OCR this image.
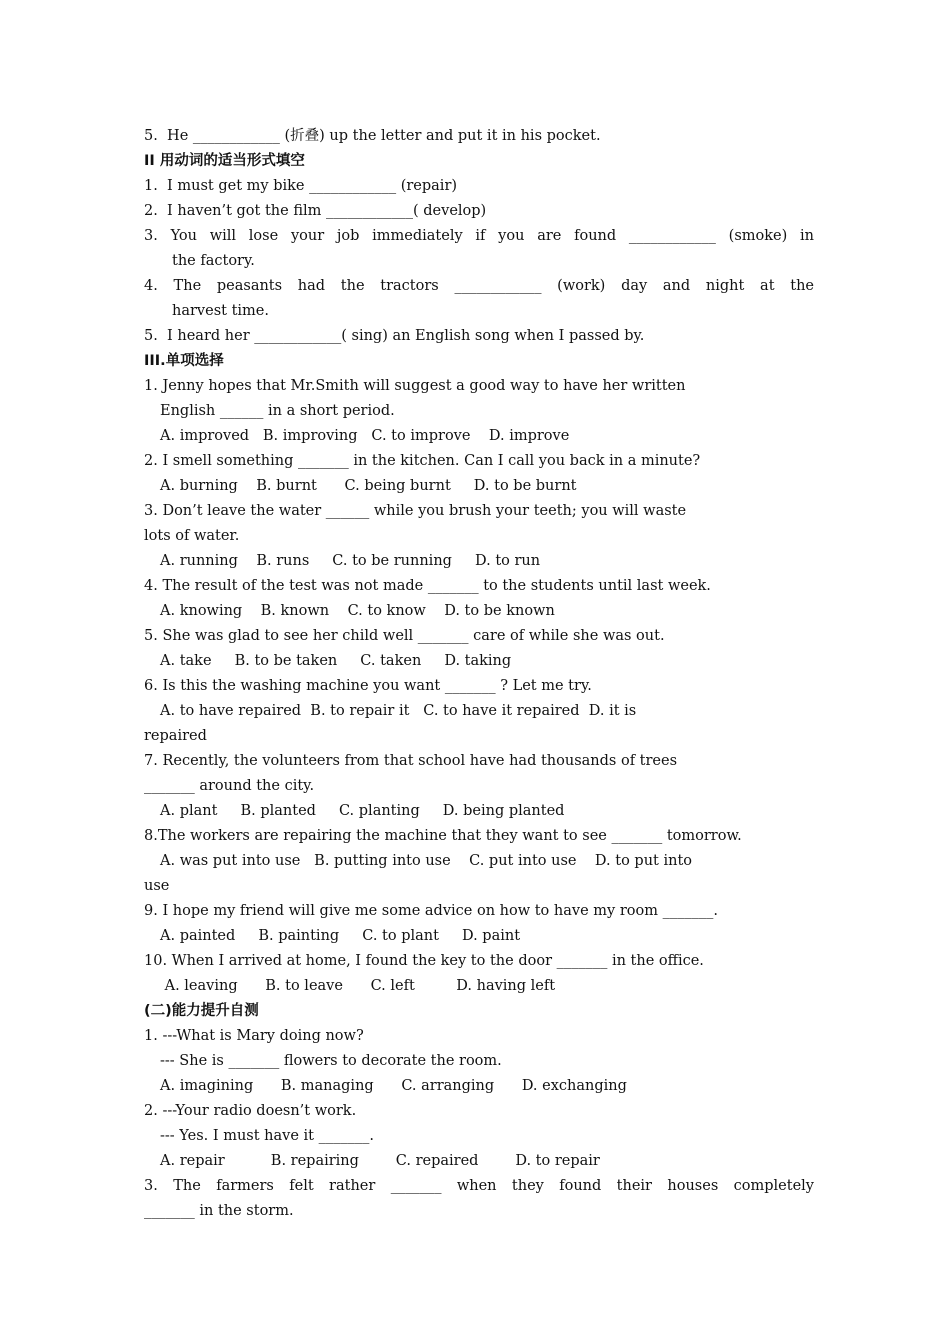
5.  He ____________ (折叠) up the letter and put it in his pocket.
II 用动词的适当形式填空
1.  I must get my bike ____________ (repair)
2.  I haven’t got the film ____________( develop)
3. You will lose your job immediately if you are found ____________ (smoke) in
the factory.
4. The peasants had the tractors ____________ (work) day and night at the
harvest time.
5.  I heard her ____________( sing) an English song when I passed by.
III.单项选择
1. Jenny hopes that Mr.Smith will suggest a good way to have her written
English ______ in a short period.
A. improved   B. improving   C. to improve    D. improve
2. I smell something _______ in the kitchen. Can I call you back in a minute?
A. burning    B. burnt      C. being burnt     D. to be burnt
3. Don’t leave the water ______ while you brush your teeth; you will waste
lots of water.
A. running    B. runs     C. to be running     D. to run
4. The result of the test was not made _______ to the students until last week.
A. knowing    B. known    C. to know    D. to be known
5. She was glad to see her child well _______ care of while she was out.
A. take     B. to be taken     C. taken     D. taking
6. Is this the washing machine you want _______ ? Let me try.
A. to have repaired  B. to repair it   C. to have it repaired  D. it is
repaired
7. Recently, the volunteers from that school have had thousands of trees
_______ around the city.
A. plant     B. planted     C. planting     D. being planted
8.The workers are repairing the machine that they want to see _______ tomorrow.
A. was put into use   B. putting into use    C. put into use    D. to put into
use
9. I hope my friend will give me some advice on how to have my room _______.
A. painted     B. painting     C. to plant     D. paint
10. When I arrived at home, I found the key to the door _______ in the office.
A. leaving      B. to leave      C. left         D. having left
(二)能力提升自测
1. ---What is Mary doing now?
--- She is _______ flowers to decorate the room.
A. imagining      B. managing      C. arranging      D. exchanging
2. ---Your radio doesn’t work.
--- Yes. I must have it _______.
A. repair          B. repairing        C. repaired        D. to repair
3. The farmers felt rather _______ when they found their houses completely
_______ in the storm.
